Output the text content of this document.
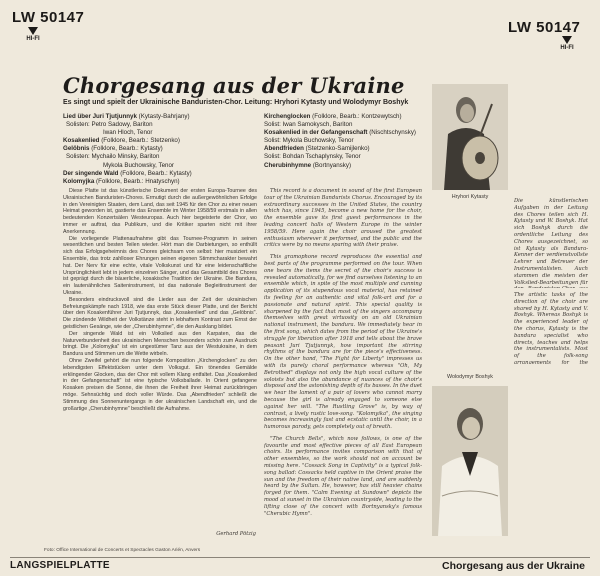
LW 50147
HI-FI
LW 50147
HI-FI
Chorgesang aus der Ukraine
Es singt und spielt der Ukrainische Banduristen-Chor. Leitung: Hryhori Kytasty und Wolodymyr Boshyk
Lied über Juri Tjutjunnyk (Kytasty-Bahrjany)
Solisten: Petro Sadowy, Bariton
Iwan Hloch, Tenor
Kosakenlied (Folklore, Bearb.: Stetzenko)
Gelöbnis (Folklore, Bearb.: Kytasty)
Solisten: Mychailo Minsky, Bariton
Mykola Buchowsky, Tenor
Der singende Wald (Folklore, Bearb.: Kytasty)
Kolomyjka (Folklore, Bearb.: Hnatyschyn)
Kirchenglocken (Folklore, Bearb.: Kontzewytsch)
Solist: Iwan Samokysch, Bariton
Kosakenlied in der Gefangenschaft (Nischtschynsky)
Solist: Mykola Buchowsky, Tenor
Abendfrieden (Stetzenko-Samijlenko)
Solist: Bohdan Tschaplynsky, Tenor
Cherubinhymne (Bortnyansky)

Diese Platte ist das künstlerische Dokument der ersten Europa-Tournee des Ukrainischen Banduristen-Chores. Ermutigt durch die außergewöhnlichen Erfolge in den Vereinigten Staaten, dem Land, das seit 1945 für den Chor zu einer neuen Heimat geworden ist, gastierte das Ensemble im Winter 1958/59 erstmals in allen bedeutenden Konzertsälen Westeuropas. Auch hier begeisterte der Chor, wo immer er auftrat, das Publikum, und die Kritiker sparten nicht mit ihrer Anerkennung.

Die vorliegende Plattenaufnahme gibt das Tournee-Programm in seinen wesentlichen und besten Teilen wieder. Hört man die Darbietungen, so enthüllt sich das Erfolgsgeheimnis des Chores gleichsam von selbst: hier musiziert ein Ensemble, das trotz zahlloser Ehrungen seinen eigenen Stimmcharakter bewahrt hat. Der Nerv für eine echte, vitale Volkskunst und für eine leidenschaftliche Ursprünglichkeit lebt in jedem einzelnen Sänger, und das Gesamtbild des Chores ist geprägt durch die bäuerliche, kosakische Tradition der Ukraine. Die Bandura, ein lautenähnliches Saiteninstrument, ist das nationale Begleitinstrument der Ukraine.

Besonders eindrucksvoll sind die Lieder aus der Zeit der ukrainischen Befreiungskämpfe nach 1918, wie das erste Stück dieser Platte, und der Bericht über den Kosakenführer Juri Tjutjunnyk, das „Kosakenlied" und das „Gelöbnis". Die zündende Wildheit der Volkstänze steht in lebhaftem Kontrast zum Ernst der geistlichen Gesänge, wie der „Cherubinhymne", die den Ausklang bildet.

Der singende Wald ist ein Volkslied aus den Karpaten, das die Naturverbundenheit des ukrainischen Menschen besonders schön zum Ausdruck bringt. Die „Kolomyjka" ist ein ungestümer Tanz aus der Westukraine, in dem Bandura und Stimmen um die Wette wirbeln.

Ohne Zweifel gehört die nun folgende Komposition „Kirchenglocken" zu den lebendigsten Effektstücken unter dem Volksgut. Ein tönendes Gemälde erklingender Glocken, das der Chor mit vollem Klang entfaltet. Das „Kosakenlied in der Gefangenschaft" ist eine typische Volksballade. In Orient gefangene Kosaken preisen die Sonne, die ihnen die Freiheit ihrer Heimat zurückbringen möge. Sehnsüchtig und doch voller Würde. Das „Abendfrieden" schließt die Stimmung des Sonnenuntergangs in der ukrainischen Landschaft ein, und die großartige „Cherubinhymne" beschließt die Aufnahme.

Gerhard Pötzig

This record is a document in sound of the first European tour of the Ukrainian Bandurists Chorus. Encouraged by its extraordinary successes in the United States, the country which has, since 1945, become a new home for the choir, the ensemble gave its first guest performances in the leading concert halls of Western Europe in the winter 1958/59. Here again the choir aroused the greatest enthusiasm wherever it performed, and the public and the critics were by no means sparing with their praise.

This gramophone record reproduces the essential and best parts of the programme performed on the tour. When one hears the items the secret of the choir's success is revealed automatically, for we find ourselves listening to an ensemble which, in spite of the most multiple and cunning application of its stupendous vocal material, has retained its feeling for an authentic and vital folk-art and for a passionate and natural spirit. This special quality is sharpened by the fact that most of the singers accompany themselves with great virtuosity on an old Ukrainian national instrument, the bandura. We immediately hear in the first song, which dates from the period of the Ukraine's struggle for liberation after 1918 and tells about the brave peasant Juri Tjutjunnyk, how important the stirring rhythms of the bandura are for the piece's effectiveness. On the other hand, "The Fight for Liberty" impresses us with its purely choral performance whereas "Oh, My Betrothed" displays not only the high vocal culture of the soloists but also the abundance of nuances of the choir's disposal and the astonishing depth of its basses. In the duet we hear the lament of a pair of lovers who cannot marry because the girl is already engaged to someone else against her will. "The Rustling Grove" is, by way of contrast, a lively rustic love-song. "Kolomyika", the singing becomes increasingly fast and ecstatic until the choir, in a humorous parody, gets completely out of breath.

"The Church Bells", which now follows, is one of the favourite and most effective pieces of all East European choirs. Its performance invites comparison with that of other ensembles, so the work should not on account be missing here. "Cossack Song in Captivity" is a typical folk-song ballad: Cossacks held captive in the Orient praise the sun and the freedom of their native land, and are suddenly heard by the Sultan. He, however, has still heavier chains forged for them. "Calm Evening at Sundown" depicts the mood at sunset in the Ukrainian countryside, leading to the lifting close of the concert with Bortnyansky's famous "Cherubic Hymn".

Hryhori Kytasty
Die künstlerischen Aufgaben in der Leitung des Chores teilen sich H. Kytasty und W. Boshyk. Hat sich Boshyk durch die ordentliche Leitung des Chores ausgezeichnet, so ist Kytasty als Bandura-Kenner der verdienstvollste Lehrer und Betreuer der Instrumentalisten. Auch stammen die meisten der Volkslied-Bearbeitungen für
The artistic tasks of the direction of the choir are shared by H. Kytasty and V. Boshyk. Whereas Boshyk is the experienced leader of the chorus, Kytasty is the bandura specialist who directs, teaches and helps the instrumentalists. Most of the folk-song arrangements for the
Wolodymyr Boshyk
Foto: Office International de Concerts et Spectacles Gaston Arién, Anvers
LANGSPIELPLATTE	Chorgesang aus der Ukraine
